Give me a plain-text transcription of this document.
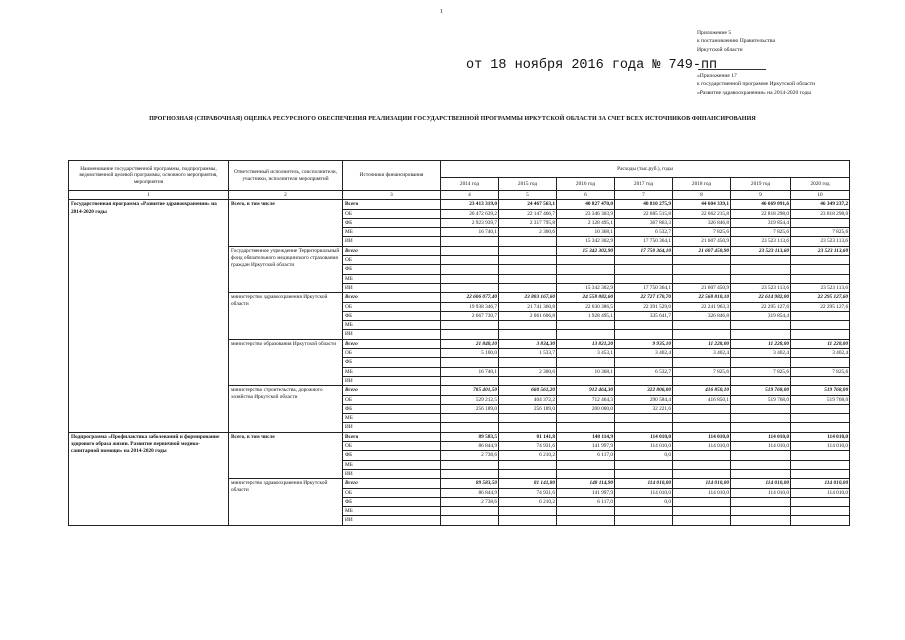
1
Приложение 5
к постановлению Правительства
Иркутской области
от 18 ноября 2016 года № 749-пп
«Приложение 17
к государственной программе Иркутской области
«Развитие здравоохранения» на 2014-2020 годы
ПРОГНОЗНАЯ (СПРАВОЧНАЯ) ОЦЕНКА РЕСУРСНОГО ОБЕСПЕЧЕНИЯ РЕАЛИЗАЦИИ ГОСУДАРСТВЕННОЙ ПРОГРАММЫ ИРКУТСКОЙ ОБЛАСТИ ЗА СЧЕТ ВСЕХ ИСТОЧНИКОВ ФИНАНСИРОВАНИЯ
Наименование государственной программы, подпрограммы, ведомственной целевой программы, основного мероприятия, мероприятия	Ответственный исполнитель, соисполнители, участники, исполнители мероприятий	Источники финансирования	Расходы (тыс.руб.), годы						
			2014 год	2015 год	2016 год	2017 год	2018 год	2019 год	2020 год
1	2	3	4	5	6	7	8	9	10
Государственная программа «Развитие здравоохранения» на 2014-2020 годы	Всего, в том числе	Всего	23 413 319,0	24 467 563,1	40 827 470,0	40 810 275,9	44 604 339,1	46 669 091,6	46 349 237,2
		ОБ	20 472 639,2	22 147 466,7	23 346 303,9	22 685 515,8	22 662 215,8	22 818 298,0	23 818 298,0
		ФБ	2 923 939,7	2 317 795,8	2 128 495,1	367 863,3	326 846,8	319 854,4	
		МБ	16 740,1	2 300,6	10 368,1	6 532,7	7 825,6	7 825,6	7 825,6
		ИИ			15 342 302,9	17 750 364,1	21 607 450,9	23 523 113,6	23 523 113,6
	Государственное учреждение Территориальный фонд обязательного медицинского страхования граждан Иркутской области	Всего			15 342 302,90	17 750 364,10	21 607 450,90	23 523 113,60	23 523 113,60
		ОБ							
		ФБ							
		МБ							
		ИИ			15 342 302,9	17 750 364,1	21 607 450,9	23 523 113,6	23 523 113,6
	министерство здравоохранения Иркутской области	Всего	22 606 077,40	23 803 167,60	24 558 882,60	22 727 170,70	22 568 810,10	22 614 982,00	22 295 127,60
		ОБ	19 938 346,7	21 741 360,8	22 630 386,5	22 391 529,0	22 241 963,3	22 295 127,6	22 295 127,6
		ФБ	2 667 730,7	2 061 606,8	1 928 495,1	335 641,7	326 846,8	319 854,4	
		МБ							
		ИИ							
	министерство образования Иркутской области	Всего	21 840,10	3 834,30	13 821,20	9 935,10	11 228,00	11 228,00	11 228,00
		ОБ	5 100,0	1 533,7	3 453,1	3 402,4	3 402,4	3 402,4	3 402,4
		ФБ							
		МБ	16 740,1	2 300,6	10 368,1	6 532,7	7 825,6	7 825,6	7 825,6
		ИИ							
	министерство строительства, дорожного хозяйства Иркутской области	Всего	785 401,50	660 561,20	912 464,30	322 806,00	416 850,10	519 768,00	519 768,00
		ОБ	529 212,5	404 372,2	712 464,3	290 584,4	416 850,1	519 768,0	519 768,0
		ФБ	256 189,0	256 189,0	200 000,0	32 221,6			
		МБ							
		ИИ							
Подпрограмма «Профилактика заболеваний и формирование здорового образа жизни. Развитие первичной медико-санитарной помощи» на 2014-2020 годы	Всего, в том числе	Всего	89 583,5	81 141,8	148 114,9	114 010,0	114 010,0	114 010,0	114 010,0
		ОБ	86 844,9	74 931,6	141 997,9	114 010,0	114 010,0	114 010,0	114 010,0
		ФБ	2 738,6	6 210,2	6 117,0	0,0			
		МБ							
		ИИ							
	министерство здравоохранения Иркутской области	Всего	89 583,50	81 141,80	148 114,90	114 010,00	114 010,00	114 010,00	114 010,00
		ОБ	86 844,9	74 931,6	141 997,9	114 010,0	114 010,0	114 010,0	114 010,0
		ФБ	2 738,6	6 210,2	6 117,0	0,0			
		МБ							
		ИИ							
